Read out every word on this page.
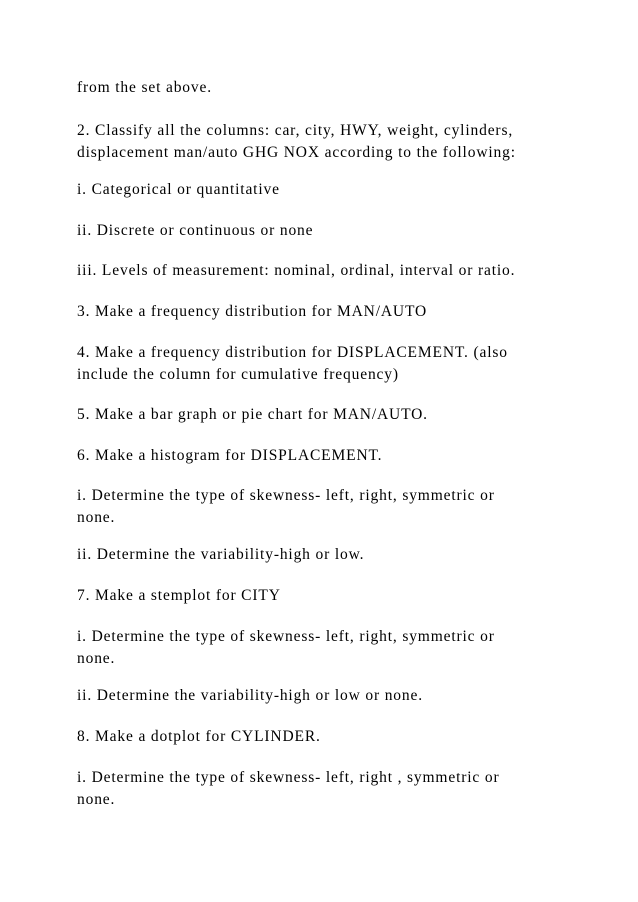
from the set above.

2. Classify all the columns: car, city, HWY, weight, cylinders,

displacement man/auto GHG NOX according to the following:

i. Categorical or quantitative

ii. Discrete or continuous or none

iii. Levels of measurement: nominal, ordinal, interval or ratio.

3. Make a frequency distribution for MAN/AUTO

4. Make a frequency distribution for DISPLACEMENT. (also

include the column for cumulative frequency)

5. Make a bar graph or pie chart for MAN/AUTO.

6. Make a histogram for DISPLACEMENT.

i. Determine the type of skewness- left, right, symmetric or

none.

ii. Determine the variability-high or low.

7. Make a stemplot for CITY

i. Determine the type of skewness- left, right, symmetric or

none.

ii. Determine the variability-high or low or none.

8. Make a dotplot for CYLINDER.

i. Determine the type of skewness- left, right , symmetric or

none.
